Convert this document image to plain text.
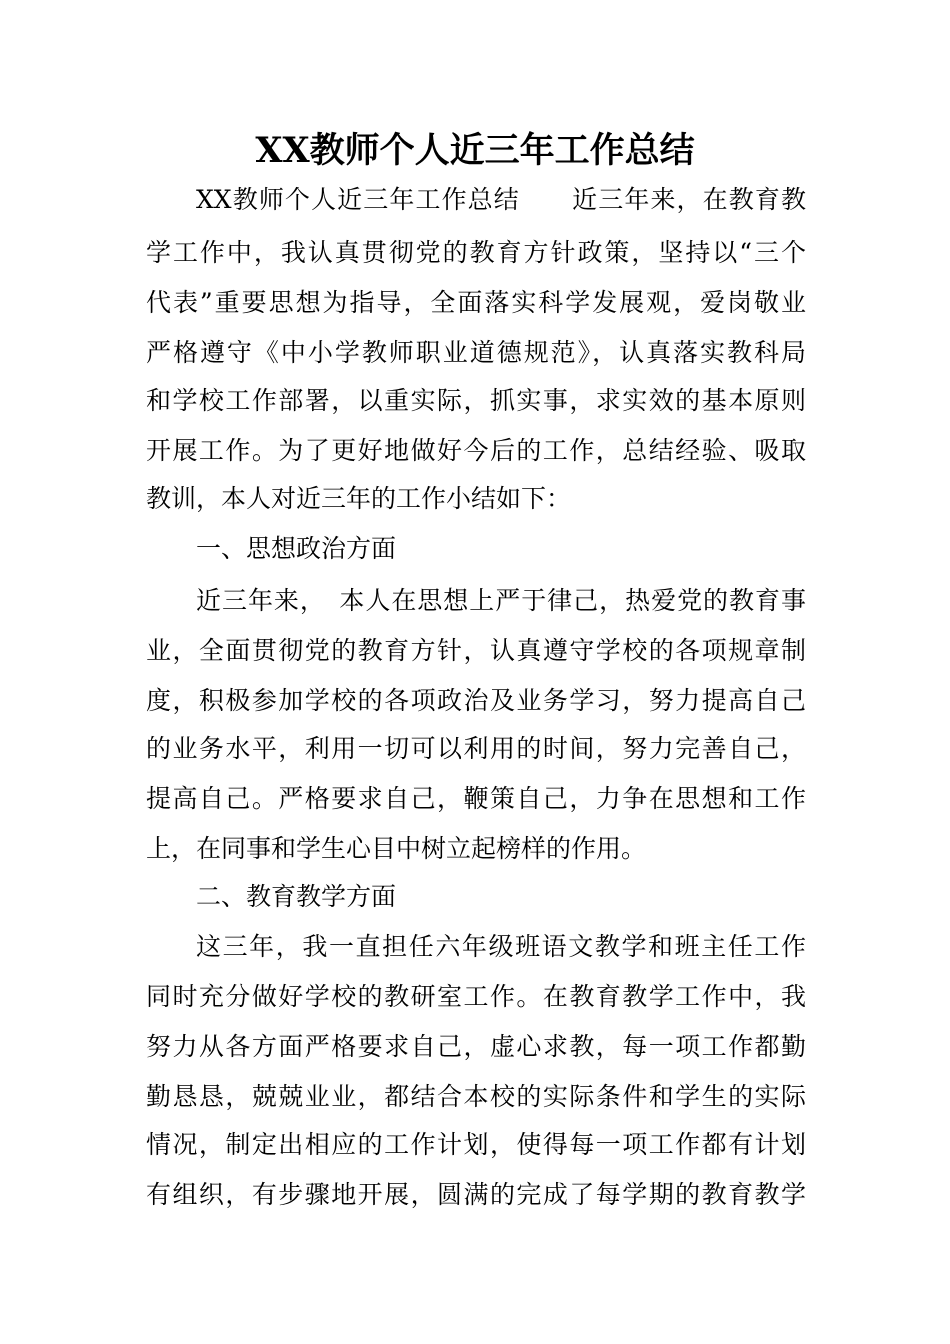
XX教师个人近三年工作总结
XX教师个人近三年工作总结　　近三年来，在教育教
学工作中，我认真贯彻党的教育方针政策，坚持以“三个
代表”重要思想为指导，全面落实科学发展观，爱岗敬业
严格遵守《中小学教师职业道德规范》，认真落实教科局
和学校工作部署，以重实际，抓实事，求实效的基本原则
开展工作。为了更好地做好今后的工作，总结经验、吸取
教训，本人对近三年的工作小结如下：
一、思想政治方面
近三年来，　本人在思想上严于律己，热爱党的教育事
业，全面贯彻党的教育方针，认真遵守学校的各项规章制
度，积极参加学校的各项政治及业务学习，努力提高自己
的业务水平，利用一切可以利用的时间，努力完善自己，
提高自己。严格要求自己，鞭策自己，力争在思想和工作
上，在同事和学生心目中树立起榜样的作用。
二、教育教学方面
这三年，我一直担任六年级班语文教学和班主任工作
同时充分做好学校的教研室工作。在教育教学工作中，我
努力从各方面严格要求自己，虚心求教，每一项工作都勤
勤恳恳，兢兢业业，都结合本校的实际条件和学生的实际
情况，制定出相应的工作计划，使得每一项工作都有计划
有组织，有步骤地开展，圆满的完成了每学期的教育教学
